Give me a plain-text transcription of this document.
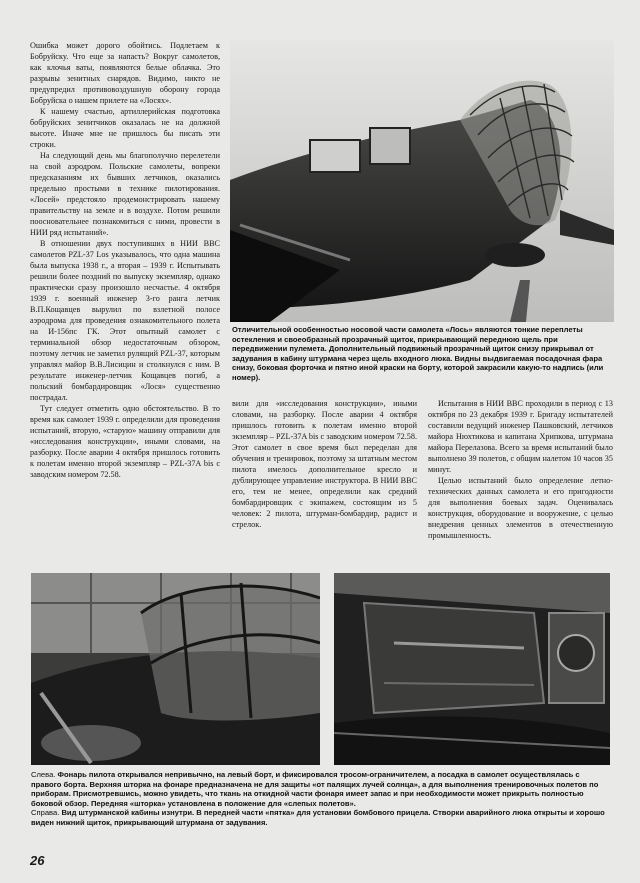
Ошибка может дорого обойтись. Подлетаем к Бобруйску. Что еще за напасть? Вокруг самолетов, как клочья ваты, появляются белые облачка. Это разрывы зенитных снарядов. Видимо, никто не предупредил противовоздушную оборону города Бобруйска о нашем прилете на «Лосях».

К нашему счастью, артиллерийская подготовка бобруйских зенитчиков оказалась не на должной высоте. Иначе мне не пришлось бы писать эти строки.

На следующий день мы благополучно перелетели на свой аэродром. Польские самолеты, вопреки предсказаниям их бывших летчиков, оказались предельно простыми в технике пилотирования. «Лосей» предстояло продемонстрировать нашему правительству на земле и в воздухе. Потом решили поосновательнее познакомиться с ними, провести в НИИ ряд испытаний».

В отношении двух поступивших в НИИ ВВС самолетов PZL-37 Los указывалось, что одна машина была выпуска 1938 г., а вторая – 1939 г. Испытывать решили более поздний по выпуску экземпляр, однако практически сразу произошло несчастье. 4 октября 1939 г. военный инженер 3-го ранга летчик В.П.Кощавцев вырулил по взлетной полосе аэродрома для проведения ознакомительного полета на И-156пс ГК. Этот опытный самолет с терминальной обзор недостаточным обзором, поэтому летчик не заметил рулящий PZL-37, которым управлял майор В.В.Лисицин и столкнулся с ним. В результате инженер-летчик Кощавцев погиб, а польский бомбардировщик «Лося» существенно пострадал.

Тут следует отметить одно обстоятельство. В то время как самолет 1939 г. определили для проведения испытаний, вторую, «старую» машину отправили для «исследования конструкции», иными словами, на разборку. После аварии 4 октября пришлось готовить к полетам именно второй экземпляр – PZL-37A bis с заводским номером 72.58.

Отличительной особенностью носовой части самолета «Лось» являются тонкие переплеты остекления и своеобразный прозрачный щиток, прикрывающий переднюю щель при передвижении пулемета. Дополнительный подвижный прозрачный щиток снизу прикрывал от задувания в кабину штурмана через щель входного люка. Видны выдвигаемая посадочная фара снизу, боковая форточка и пятно иной краски на борту, которой закрасили какую-то надпись (или номер).

вили для «исследования конструкции», иными словами, на разборку. После аварии 4 октября пришлось готовить к полетам именно второй экземпляр – PZL-37A bis с заводским номером 72.58. Этот самолет в свое время был переделан для обучения и тренировок, поэтому за штатным местом пилота имелось дополнительное кресло и дублирующее управление инструктора. В НИИ ВВС его, тем не менее, определили как средний бомбардировщик с экипажем, состоящим из 5 человек: 2 пилота, штурман-бомбардир, радист и стрелок.

Испытания в НИИ ВВС проходили в период с 13 октября по 23 декабря 1939 г. Бригаду испытателей составили ведущий инженер Пашковский, летчиков майора Нюхтикова и капитана Хрипкова, штурмана майора Перелазова. Всего за время испытаний было выполнено 39 полетов, с общим налетом 10 часов 35 минут.

Целью испытаний было определение летно-технических данных самолета и его пригодности для выполнения боевых задач. Оценивалась конструкция, оборудование и вооружение, с целью внедрения ценных элементов в отечественную промышленность.

Слева. Фонарь пилота открывался непривычно, на левый борт, и фиксировался тросом-ограничителем, а посадка в самолет осуществлялась с правого борта. Верхняя шторка на фонаре предназначена не для защиты «от палящих лучей солнца», а для выполнения тренировочных полетов по приборам. Присмотревшись, можно увидеть, что ткань на откидной части фонаря имеет запас и при необходимости может прикрыть полностью боковой обзор. Передняя «шторка» установлена в положение для «слепых полетов».
Справа. Вид штурманской кабины изнутри. В передней части «пятка» для установки бомбового прицела. Створки аварийного люка открыты и хорошо виден нижний щиток, прикрывающий штурмана от задувания.
26
